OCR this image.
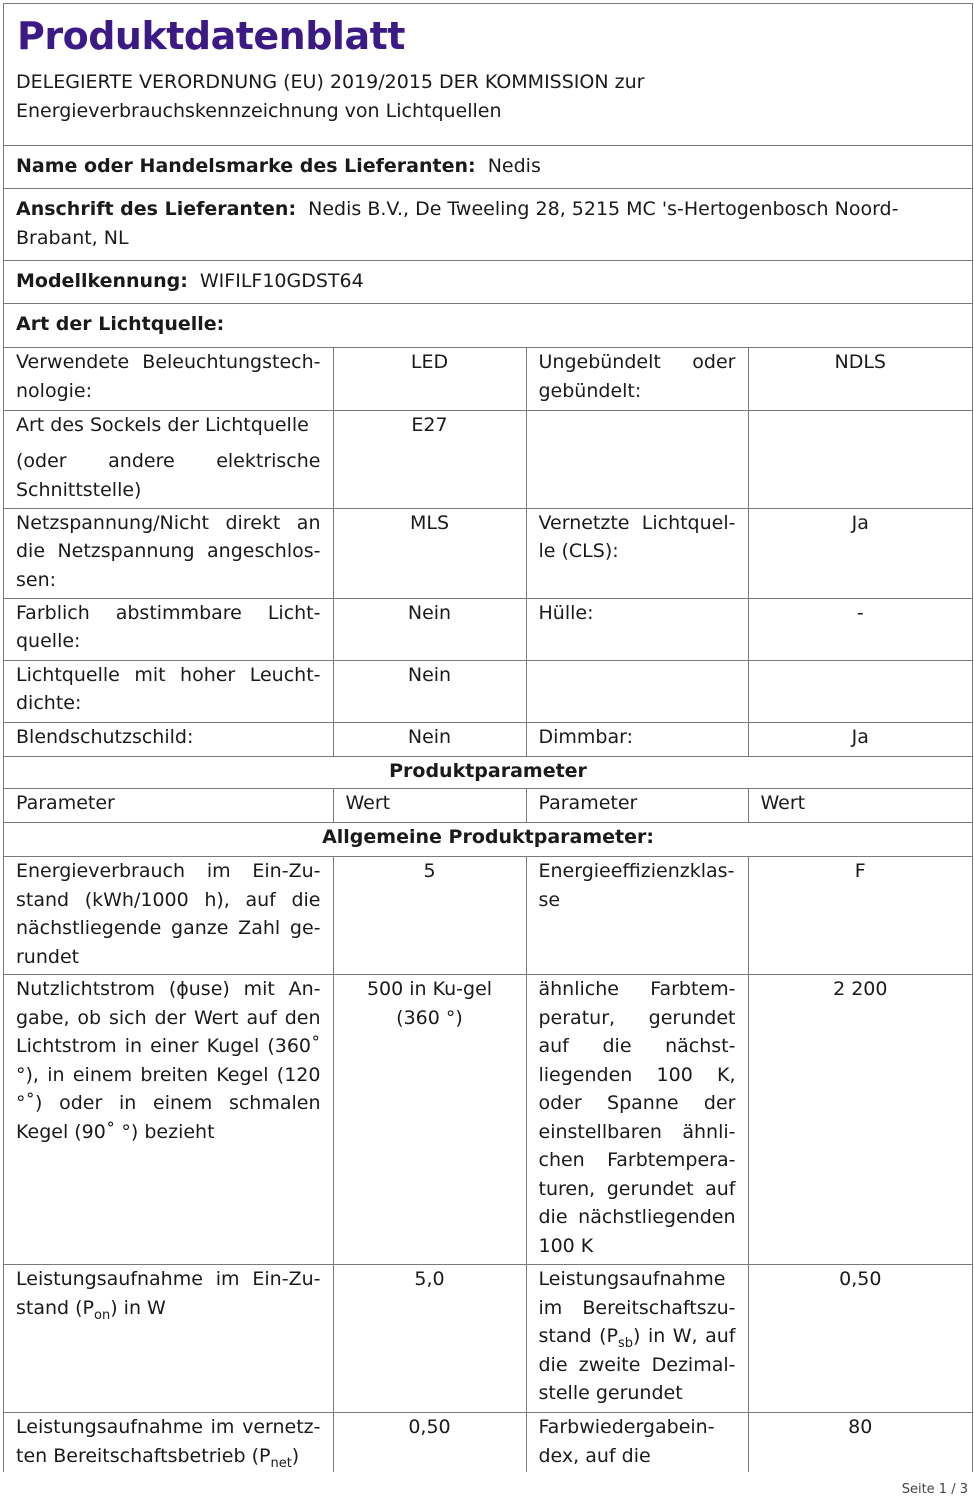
Produktdatenblatt
DELEGIERTE VERORDNUNG (EU) 2019/2015 DER KOMMISSION zur
Energieverbrauchskennzeichnung von Lichtquellen
Name oder Handelsmarke des Lieferanten: Nedis
Anschrift des Lieferanten: Nedis B.V., De Tweeling 28, 5215 MC 's-Hertogenbosch Noord-Brabant, NL
Modellkennung: WIFILF10GDST64
Art der Lichtquelle:
Verwendete Beleuchtungstech-nologie:	LED	Ungebündelt oder gebündelt:	NDLS

Art des Sockels der Lichtquelle
(oder andere elektrische Schnittstelle)	E27		
Netzspannung/Nicht direkt an die Netzspannung angeschlos-sen:	MLS	Vernetzte Lichtquel-le (CLS):	Ja
Farblich abstimmbare Licht-quelle:	Nein	Hülle:	-
Lichtquelle mit hoher Leucht-dichte:	Nein		
Blendschutzschild:	Nein	Dimmbar:	Ja
Produktparameter			
Parameter	Wert	Parameter	Wert
Allgemeine Produktparameter:			
Energieverbrauch im Ein-Zu-stand (kWh/1000 h), auf die nächstliegende ganze Zahl ge-rundet	5	Energieeffizienzklas-se	F
Nutzlichtstrom (ϕuse) mit An-gabe, ob sich der Wert auf den Lichtstrom in einer Kugel (360˚ °), in einem breiten Kegel (120 °˚) oder in einem schmalen Kegel (90˚ °) bezieht	500 in Ku-gel (360 °)	ähnliche Farbtem-peratur, gerundet auf die nächst-liegenden 100 K, oder Spanne der einstellbaren ähnli-chen Farbtempera-turen, gerundet auf die nächstliegenden 100 K	2 200
Leistungsaufnahme im Ein-Zu-stand $(P_{on})$ in W	5,0	Leistungsaufnahme im Bereitschaftszu-stand $(P_{sb})$ in W, auf die zweite Dezimal-stelle gerundet	0,50
Leistungsaufnahme im vernetz-ten Bereitschaftsbetrieb $(P_{net})$	0,50	Farbwiedergabein-dex, auf die	80
Seite 1 / 3
